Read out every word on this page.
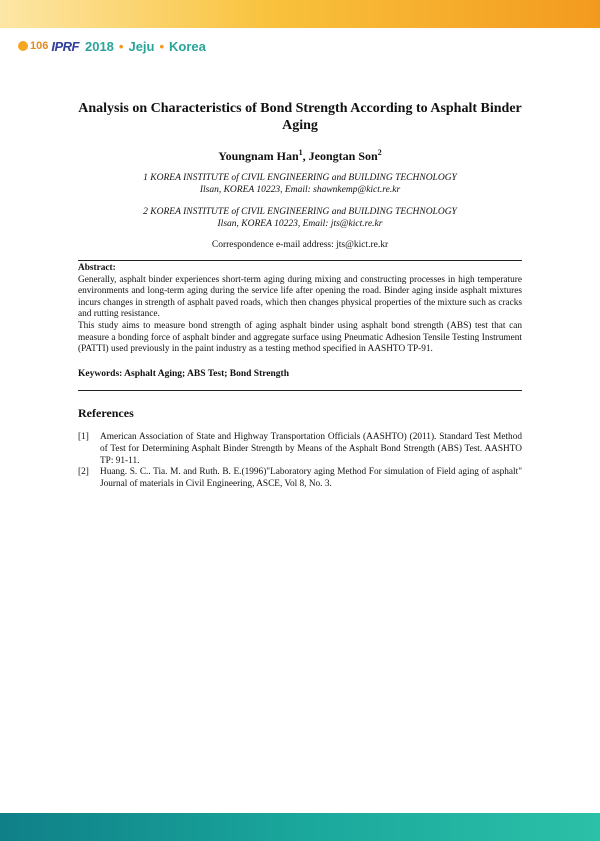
106 IPRF 2018 • Jeju • Korea
Analysis on Characteristics of Bond Strength According to Asphalt Binder Aging
Youngnam Han$^1$, Jeongtan Son$^2$
1 KOREA INSTITUTE of CIVIL ENGINEERING and BUILDING TECHNOLOGY
Ilsan, KOREA 10223, Email: shawnkemp@kict.re.kr
2 KOREA INSTITUTE of CIVIL ENGINEERING and BUILDING TECHNOLOGY
Ilsan, KOREA 10223, Email: jts@kict.re.kr
Correspondence e-mail address: jts@kict.re.kr
Abstract:

Generally, asphalt binder experiences short-term aging during mixing and constructing processes in high temperature environments and long-term aging during the service life after opening the road. Binder aging inside asphalt mixtures incurs changes in strength of asphalt paved roads, which then changes physical properties of the mixture such as cracks and rutting resistance.

This study aims to measure bond strength of aging asphalt binder using asphalt bond strength (ABS) test that can measure a bonding force of asphalt binder and aggregate surface using Pneumatic Adhesion Tensile Testing Instrument (PATTI) used previously in the paint industry as a testing method specified in AASHTO TP-91.

Keywords: Asphalt Aging; ABS Test; Bond Strength
References
[1]	American Association of State and Highway Transportation Officials (AASHTO) (2011). Standard Test Method of Test for Determining Asphalt Binder Strength by Means of the Asphalt Bond Strength (ABS) Test. AASHTO TP: 91-11.
[2]	Huang. S. C.. Tia. M. and Ruth. B. E.(1996)"Laboratory aging Method For simulation of Field aging of asphalt" Journal of materials in Civil Engineering, ASCE, Vol 8, No. 3.
